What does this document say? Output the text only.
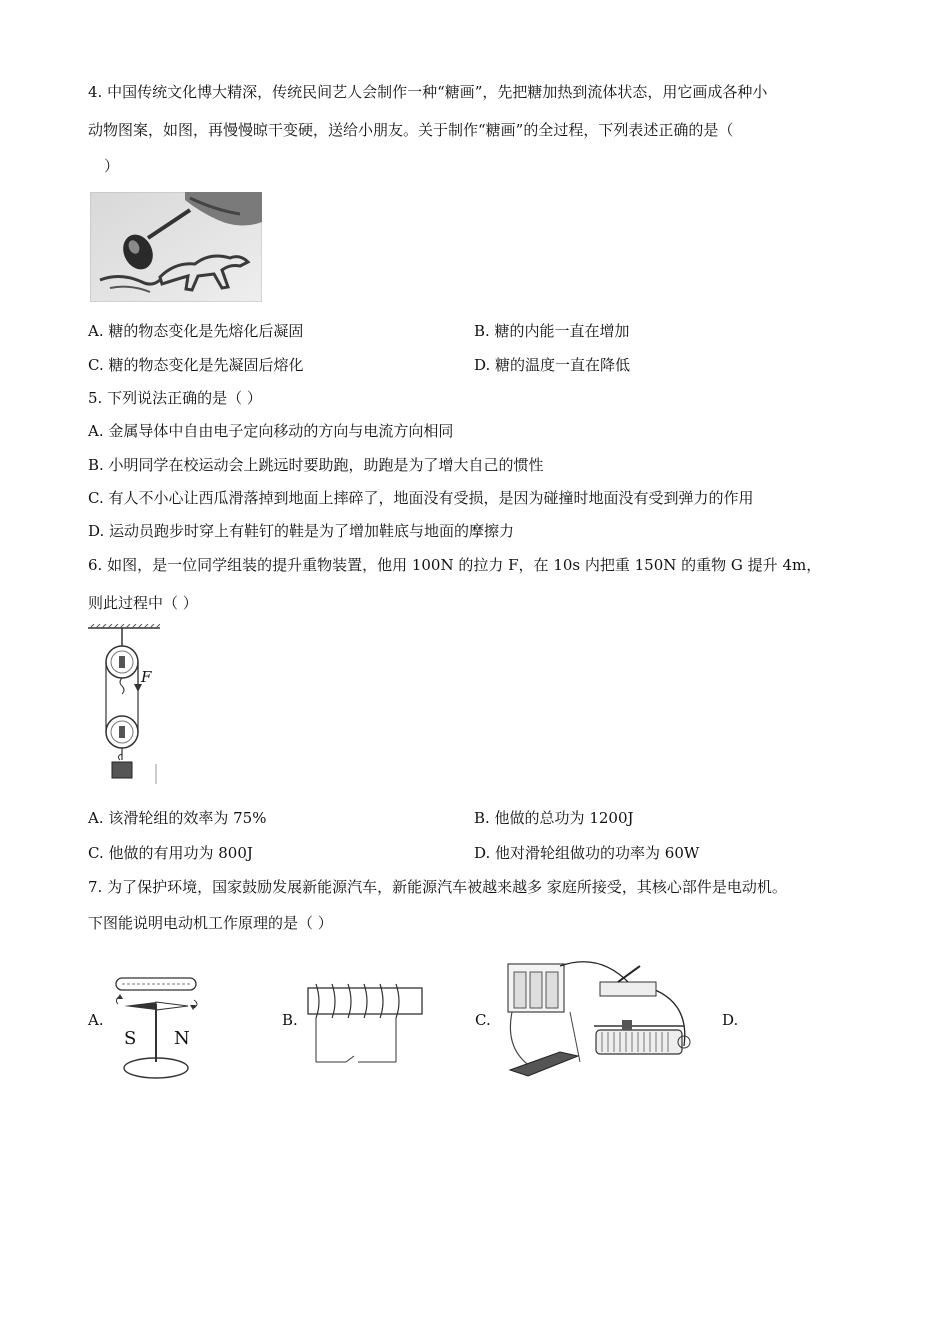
4. 中国传统文化博大精深，传统民间艺人会制作一种“糖画”，先把糖加热到流体状态，用它画成各种小
动物图案，如图，再慢慢晾干变硬，送给小朋友。关于制作“糖画”的全过程，下列表述正确的是（
）
A. 糖的物态变化是先熔化后凝固	B. 糖的内能一直在增加
C. 糖的物态变化是先凝固后熔化	D. 糖的温度一直在降低
5. 下列说法正确的是（ ）
A. 金属导体中自由电子定向移动的方向与电流方向相同
B. 小明同学在校运动会上跳远时要助跑，助跑是为了增大自己的惯性
C. 有人不小心让西瓜滑落掉到地面上摔碎了，地面没有受损，是因为碰撞时地面没有受到弹力的作用
D. 运动员跑步时穿上有鞋钉的鞋是为了增加鞋底与地面的摩擦力
6. 如图，是一位同学组装的提升重物装置，他用 100N 的拉力 F，在 10s 内把重 150N 的重物 G 提升 4m，
则此过程中（ ）
F
A. 该滑轮组的效率为 75%	B. 他做的总功为 1200J
C. 他做的有用功为 800J	D. 他对滑轮组做功的功率为 60W
7. 为了保护环境，国家鼓励发展新能源汽车，新能源汽车被越来越多 家庭所接受，其核心部件是电动机。
下图能说明电动机工作原理的是（ ）
A.	B.	C.	D.
S N
